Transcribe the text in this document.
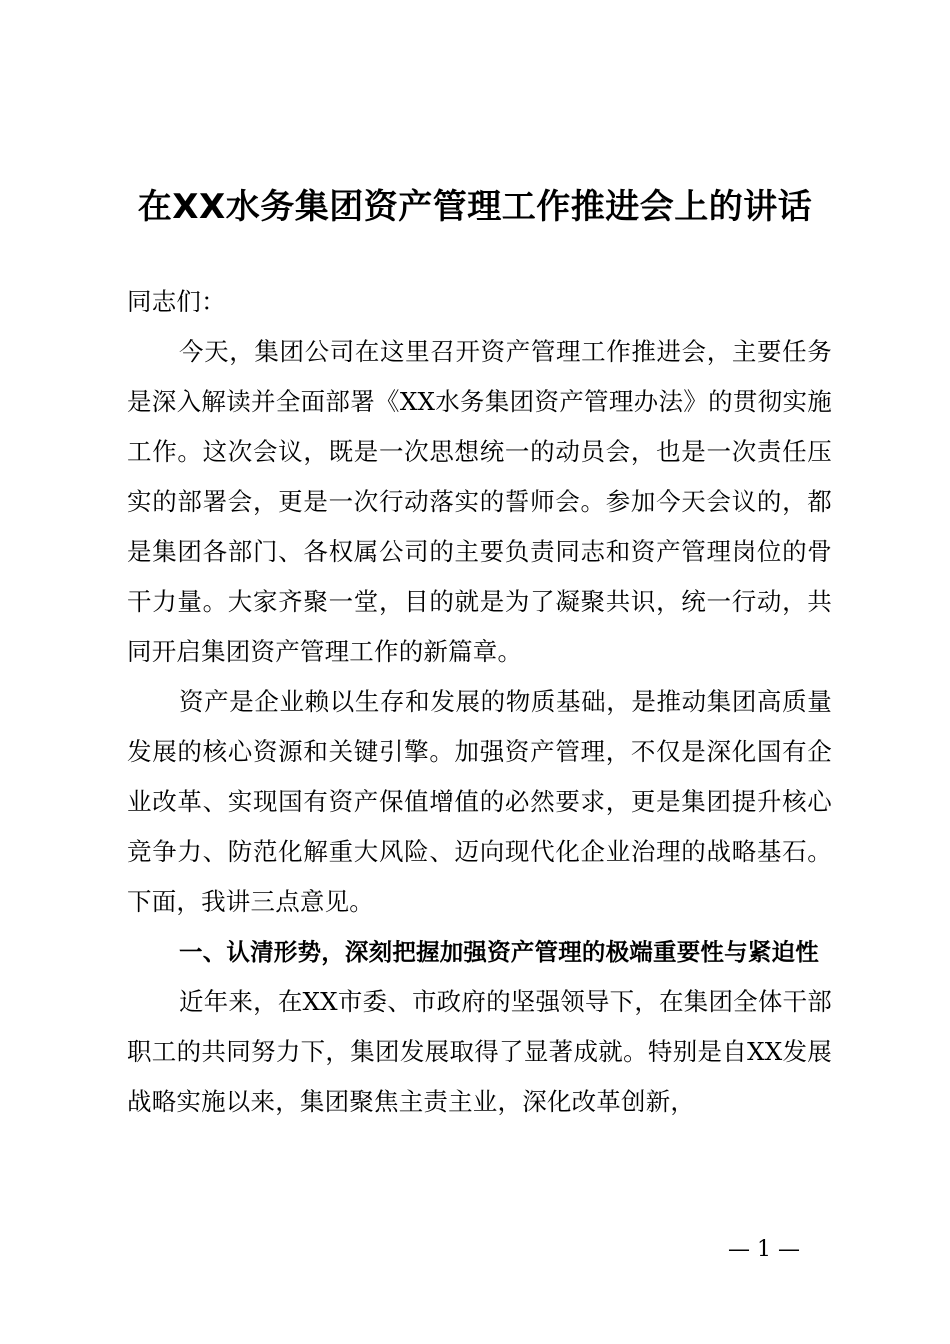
在XX水务集团资产管理工作推进会上的讲话

同志们：

今天，集团公司在这里召开资产管理工作推进会，主要任务是深入解读并全面部署《XX水务集团资产管理办法》的贯彻实施工作。这次会议，既是一次思想统一的动员会，也是一次责任压实的部署会，更是一次行动落实的誓师会。参加今天会议的，都是集团各部门、各权属公司的主要负责同志和资产管理岗位的骨干力量。大家齐聚一堂，目的就是为了凝聚共识，统一行动，共同开启集团资产管理工作的新篇章。

资产是企业赖以生存和发展的物质基础，是推动集团高质量发展的核心资源和关键引擎。加强资产管理，不仅是深化国有企业改革、实现国有资产保值增值的必然要求，更是集团提升核心竞争力、防范化解重大风险、迈向现代化企业治理的战略基石。下面，我讲三点意见。

一、认清形势，深刻把握加强资产管理的极端重要性与紧迫性

近年来，在XX市委、市政府的坚强领导下，在集团全体干部职工的共同努力下，集团发展取得了显著成就。特别是自XX发展战略实施以来，集团聚焦主责主业，深化改革创新，

— 1 —
